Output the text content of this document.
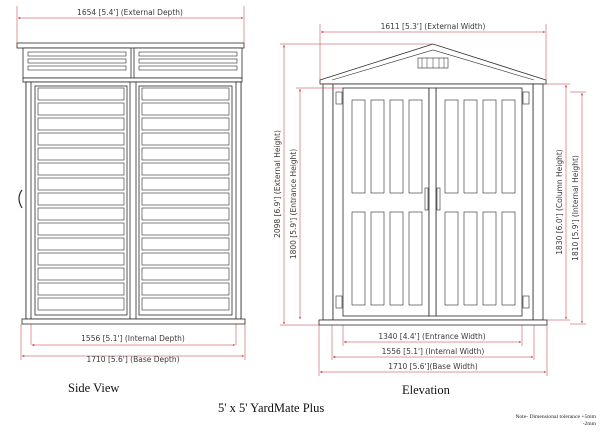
1654 [5.4'] (External Depth)
1556 [5.1'] (Internal Depth)
1710 [5.6'] (Base Depth)
1611 [5.3'] (External Width)
2098 [6.9'] (External Height) 1800 [5.9'] (Entrance Height)	1830 [6.0'] (Column Height) 1810 [5.9'] (Internal Height)
1340 [4.4'] (Entrance Width)
1556 [5.1'] (Internal Width)
1710 [5.6'](Base Width)
Side View	Elevation
5' x 5' YardMate Plus
Note- Dimensional tolerance +5mm
-2mm
